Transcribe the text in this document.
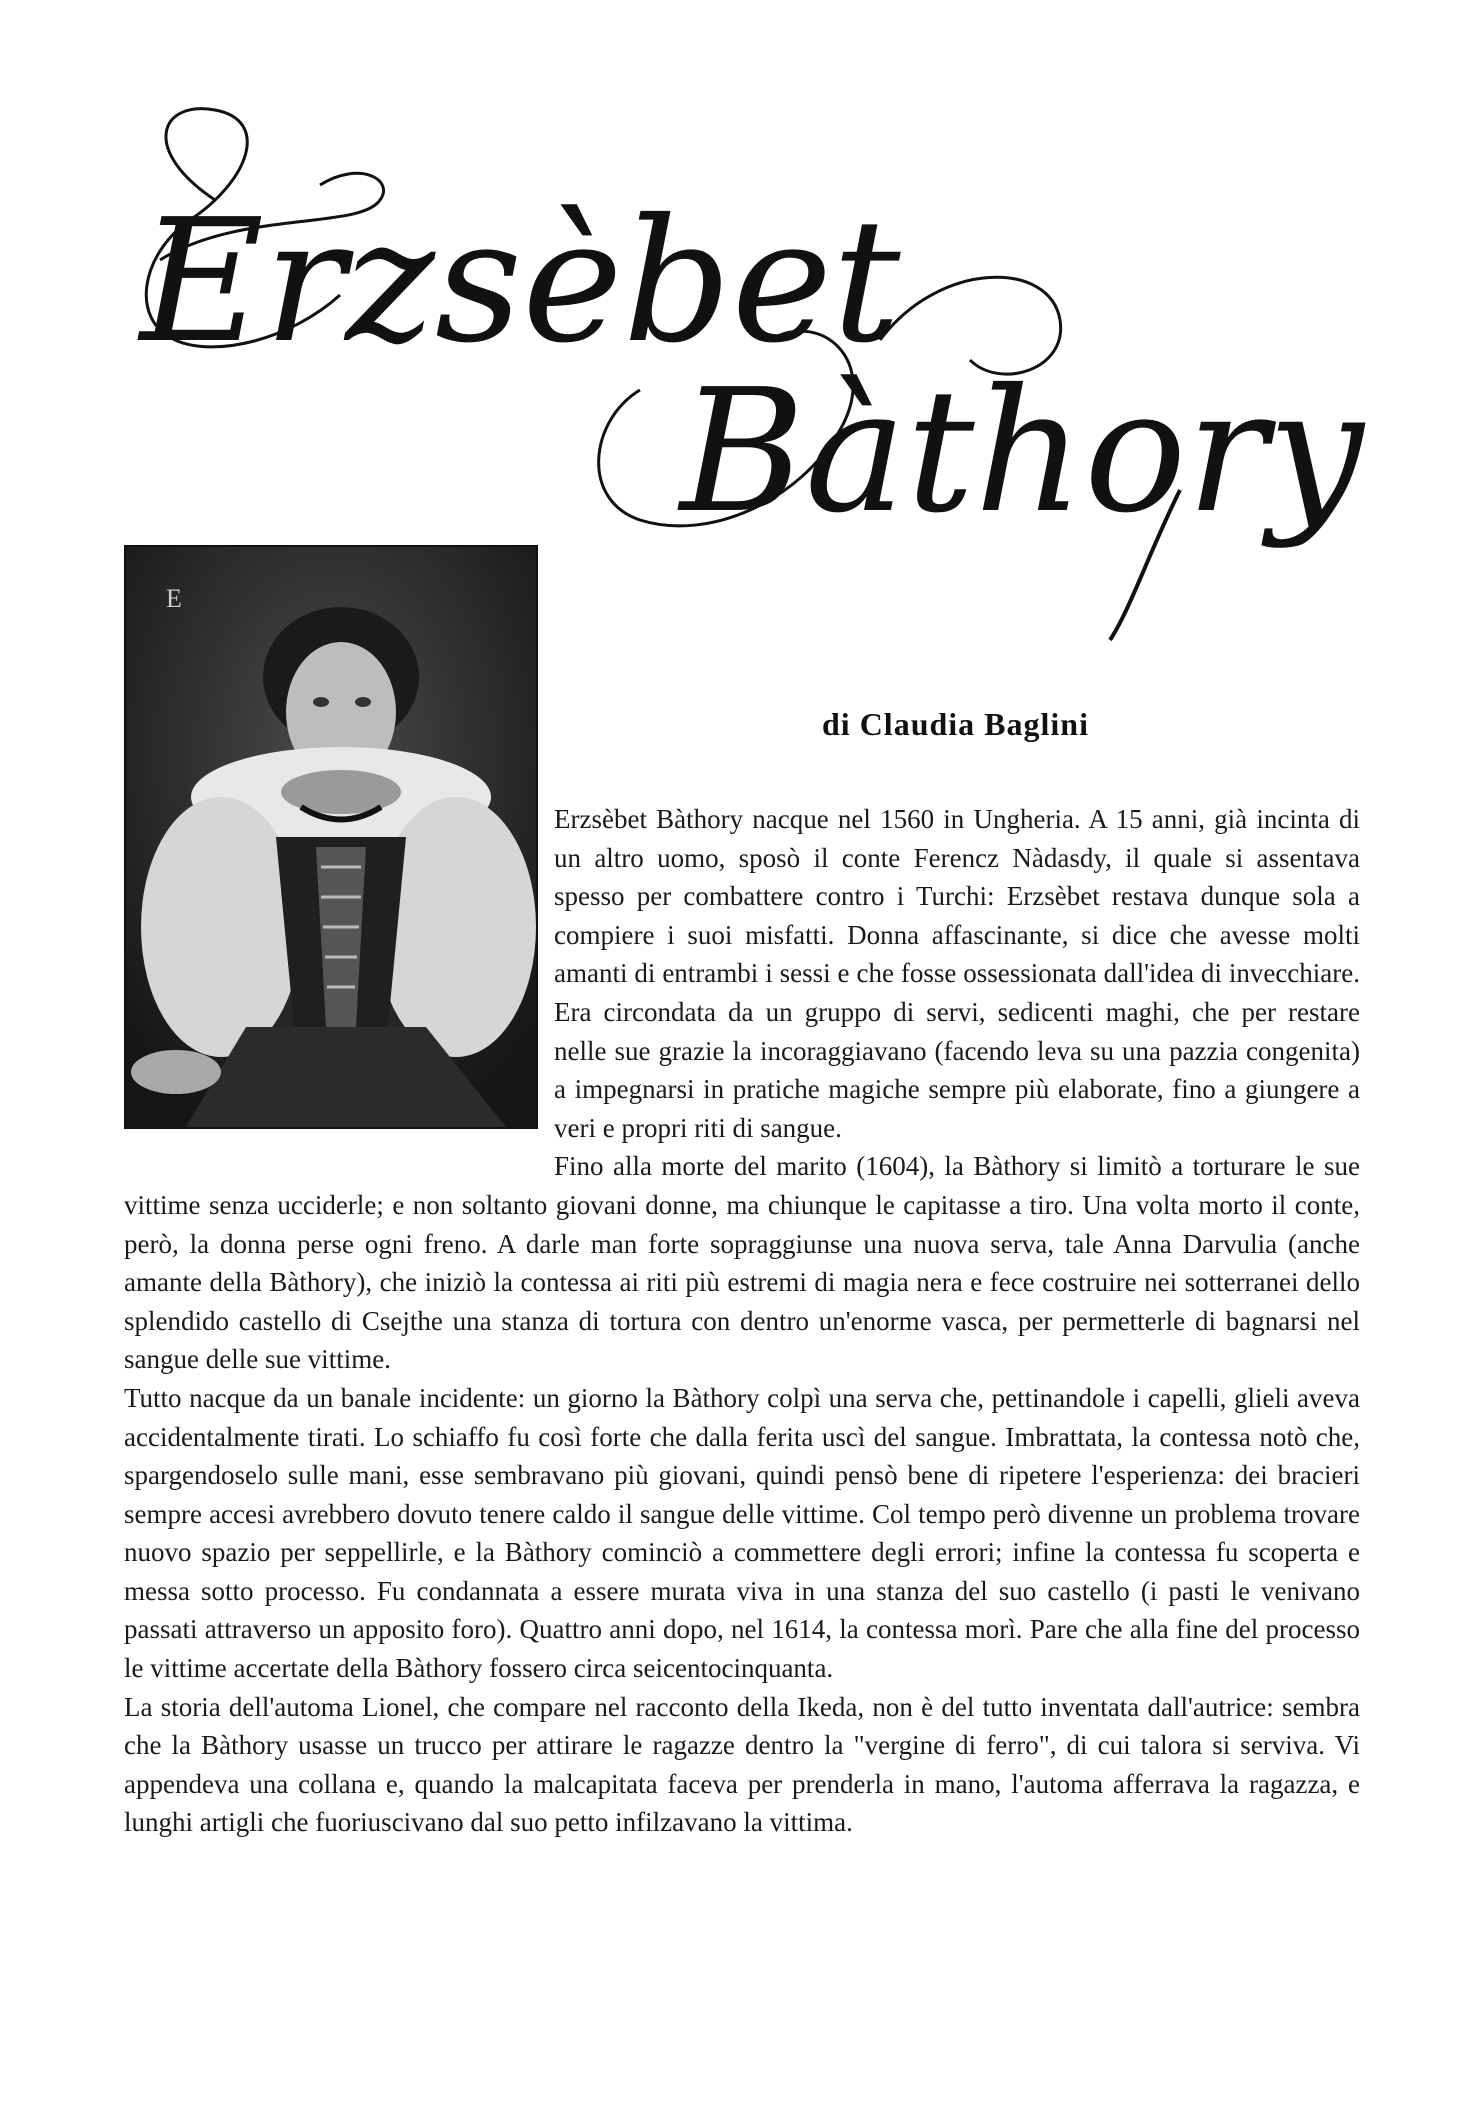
Erzsèbet
Bàthory
E

di Claudia Baglini

Erzsèbet Bàthory nacque nel 1560 in Ungheria. A 15 anni, già incinta di un altro uomo, sposò il conte Ferencz Nàdasdy, il quale si assentava spesso per combattere contro i Turchi: Erzsèbet restava dunque sola a compiere i suoi misfatti. Donna affascinante, si dice che avesse molti amanti di entrambi i sessi e che fosse ossessionata dall'idea di invecchiare. Era circondata da un gruppo di servi, sedicenti maghi, che per restare nelle sue grazie la incoraggiavano (facendo leva su una pazzia congenita) a impegnarsi in pratiche magiche sempre più elaborate, fino a giungere a veri e propri riti di sangue.

Fino alla morte del marito (1604), la Bàthory si limitò a torturare le sue vittime senza ucciderle; e non soltanto giovani donne, ma chiunque le capitasse a tiro. Una volta morto il conte, però, la donna perse ogni freno. A darle man forte sopraggiunse una nuova serva, tale Anna Darvulia (anche amante della Bàthory), che iniziò la contessa ai riti più estremi di magia nera e fece costruire nei sotterranei dello splendido castello di Csejthe una stanza di tortura con dentro un'enorme vasca, per permetterle di bagnarsi nel sangue delle sue vittime.

Tutto nacque da un banale incidente: un giorno la Bàthory colpì una serva che, pettinandole i capelli, glieli aveva accidentalmente tirati. Lo schiaffo fu così forte che dalla ferita uscì del sangue. Imbrattata, la contessa notò che, spargendoselo sulle mani, esse sembravano più giovani, quindi pensò bene di ripetere l'esperienza: dei bracieri sempre accesi avrebbero dovuto tenere caldo il sangue delle vittime. Col tempo però divenne un problema trovare nuovo spazio per seppellirle, e la Bàthory cominciò a commettere degli errori; infine la contessa fu scoperta e messa sotto processo. Fu condannata a essere murata viva in una stanza del suo castello (i pasti le venivano passati attraverso un apposito foro). Quattro anni dopo, nel 1614, la contessa morì. Pare che alla fine del processo le vittime accertate della Bàthory fossero circa seicentocinquanta.

La storia dell'automa Lionel, che compare nel racconto della Ikeda, non è del tutto inventata dall'autrice: sembra che la Bàthory usasse un trucco per attirare le ragazze dentro la "vergine di ferro", di cui talora si serviva. Vi appendeva una collana e, quando la malcapitata faceva per prenderla in mano, l'automa afferrava la ragazza, e lunghi artigli che fuoriuscivano dal suo petto infilzavano la vittima.
